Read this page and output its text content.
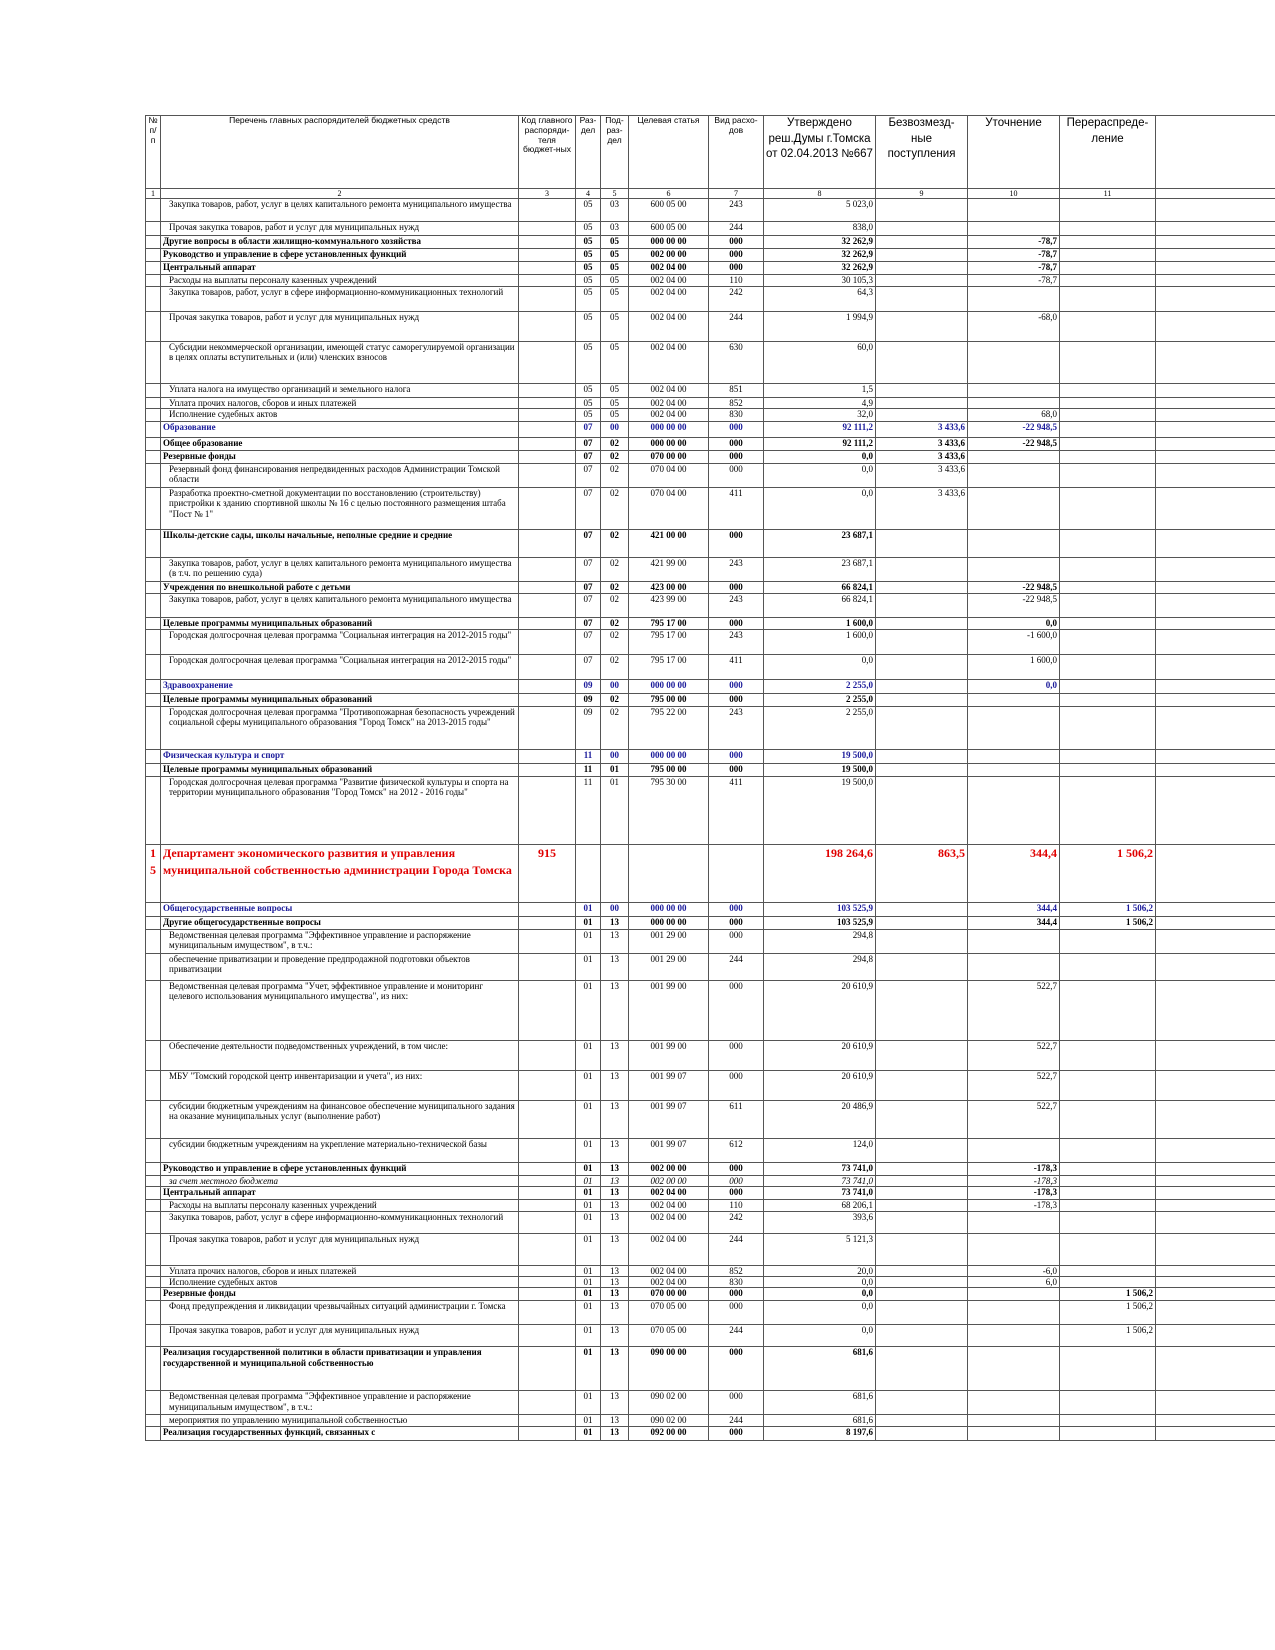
№ п/п	Перечень главных распорядителей бюджетных средств	Код главного распоряди-теля бюджет-ных	Раз-дел	Под-раз-дел	Целевая статья	Вид расхо-дов	Утверждено реш.Думы г.Томска от 02.04.2013 №667	Безвозмезд-ные поступления	Уточнение	Перераспреде-ление	
1	2	3	4	5	6	7	8	9	10	11	
	Закупка товаров, работ, услуг в целях капитального ремонта муниципального имущества		05	03	600 05 00	243	5 023,0				
	Прочая закупка товаров, работ и услуг для муниципальных нужд		05	03	600 05 00	244	838,0				
	Другие вопросы в области жилищно-коммунального хозяйства		05	05	000 00 00	000	32 262,9		-78,7		
	Руководство и управление в сфере установленных функций		05	05	002 00 00	000	32 262,9		-78,7		
	Центральный аппарат		05	05	002 04 00	000	32 262,9		-78,7		
	Расходы на выплаты персоналу казенных учреждений		05	05	002 04 00	110	30 105,3		-78,7		
	Закупка товаров, работ, услуг в сфере информационно-коммуникационных технологий		05	05	002 04 00	242	64,3				
	Прочая закупка товаров, работ и услуг для муниципальных нужд		05	05	002 04 00	244	1 994,9		-68,0		
	Субсидии некоммерческой организации, имеющей статус саморегулируемой организации в целях оплаты вступительных и (или) членских взносов		05	05	002 04 00	630	60,0				
	Уплата налога на имущество организаций и земельного налога		05	05	002 04 00	851	1,5				
	Уплата прочих налогов, сборов и иных платежей		05	05	002 04 00	852	4,9				
	Исполнение судебных актов		05	05	002 04 00	830	32,0		68,0		
	Образование		07	00	000 00 00	000	92 111,2	3 433,6	-22 948,5		
	Общее образование		07	02	000 00 00	000	92 111,2	3 433,6	-22 948,5		
	Резервные фонды		07	02	070 00 00	000	0,0	3 433,6			
	Резервный фонд финансирования непредвиденных расходов Администрации Томской области		07	02	070 04 00	000	0,0	3 433,6			
	Разработка проектно-сметной документации по восстановлению (строительству) пристройки к зданию спортивной школы № 16 с целью постоянного размещения штаба "Пост № 1"		07	02	070 04 00	411	0,0	3 433,6			
	Школы-детские сады, школы начальные, неполные средние и средние		07	02	421 00 00	000	23 687,1				
	Закупка товаров, работ, услуг в целях капитального ремонта муниципального имущества (в т.ч. по решению суда)		07	02	421 99 00	243	23 687,1				
	Учреждения по внешкольной работе с детьми		07	02	423 00 00	000	66 824,1		-22 948,5		
	Закупка товаров, работ, услуг в целях капитального ремонта муниципального имущества		07	02	423 99 00	243	66 824,1		-22 948,5		
	Целевые программы муниципальных образований		07	02	795 17 00	000	1 600,0		0,0		
	Городская долгосрочная целевая программа "Социальная интеграция на 2012-2015 годы"		07	02	795 17 00	243	1 600,0		-1 600,0		
	Городская долгосрочная целевая программа "Социальная интеграция на 2012-2015 годы"		07	02	795 17 00	411	0,0		1 600,0		
	Здравоохранение		09	00	000 00 00	000	2 255,0		0,0		
	Целевые программы муниципальных образований		09	02	795 00 00	000	2 255,0				
	Городская долгосрочная целевая программа "Противопожарная безопасность учреждений социальной сферы муниципального образования "Город Томск" на 2013-2015 годы"		09	02	795 22 00	243	2 255,0				
	Физическая культура и спорт		11	00	000 00 00	000	19 500,0				
	Целевые программы муниципальных образований		11	01	795 00 00	000	19 500,0				
	Городская долгосрочная целевая программа "Развитие физической культуры и спорта на территории муниципального образования "Город Томск" на 2012 - 2016 годы"		11	01	795 30 00	411	19 500,0				
15	Департамент экономического развития и управления муниципальной собственностью администрации Города Томска	915					198 264,6	863,5	344,4	1 506,2	
	Общегосударственные вопросы		01	00	000 00 00	000	103 525,9		344,4	1 506,2	
	Другие общегосударственные вопросы		01	13	000 00 00	000	103 525,9		344,4	1 506,2	
	Ведомственная целевая программа "Эффективное управление и распоряжение муниципальным имуществом", в т.ч.:		01	13	001 29 00	000	294,8				
	обеспечение приватизации и проведение предпродажной подготовки объектов приватизации		01	13	001 29 00	244	294,8				
	Ведомственная целевая программа "Учет, эффективное управление и мониторинг целевого использования муниципального имущества", из них:		01	13	001 99 00	000	20 610,9		522,7		
	Обеспечение деятельности подведомственных учреждений, в том числе:		01	13	001 99 00	000	20 610,9		522,7		
	МБУ "Томский городской центр инвентаризации и учета", из них:		01	13	001 99 07	000	20 610,9		522,7		
	субсидии бюджетным учреждениям на финансовое обеспечение муниципального задания на оказание муниципальных услуг (выполнение работ)		01	13	001 99 07	611	20 486,9		522,7		
	субсидии бюджетным учреждениям на укрепление материально-технической базы		01	13	001 99 07	612	124,0				
	Руководство и управление в сфере установленных функций		01	13	002 00 00	000	73 741,0		-178,3		
	за счет местного бюджета		01	13	002 00 00	000	73 741,0		-178,3		
	Центральный аппарат		01	13	002 04 00	000	73 741,0		-178,3		
	Расходы на выплаты персоналу казенных учреждений		01	13	002 04 00	110	68 206,1		-178,3		
	Закупка товаров, работ, услуг в сфере информационно-коммуникационных технологий		01	13	002 04 00	242	393,6				
	Прочая закупка товаров, работ и услуг для муниципальных нужд		01	13	002 04 00	244	5 121,3				
	Уплата прочих налогов, сборов и иных платежей		01	13	002 04 00	852	20,0		-6,0		
	Исполнение судебных актов		01	13	002 04 00	830	0,0		6,0		
	Резервные фонды		01	13	070 00 00	000	0,0			1 506,2	
	Фонд предупреждения и ликвидации чрезвычайных ситуаций администрации г. Томска		01	13	070 05 00	000	0,0			1 506,2	
	Прочая закупка товаров, работ и услуг для муниципальных нужд		01	13	070 05 00	244	0,0			1 506,2	
	Реализация государственной политики в области приватизации и управления государственной и муниципальной собственностью		01	13	090 00 00	000	681,6				
	Ведомственная целевая программа "Эффективное управление и распоряжение муниципальным имуществом", в т.ч.:		01	13	090 02 00	000	681,6				
	мероприятия по управлению муниципальной собственностью		01	13	090 02 00	244	681,6				
	Реализация государственных функций, связанных с		01	13	092 00 00	000	8 197,6				
